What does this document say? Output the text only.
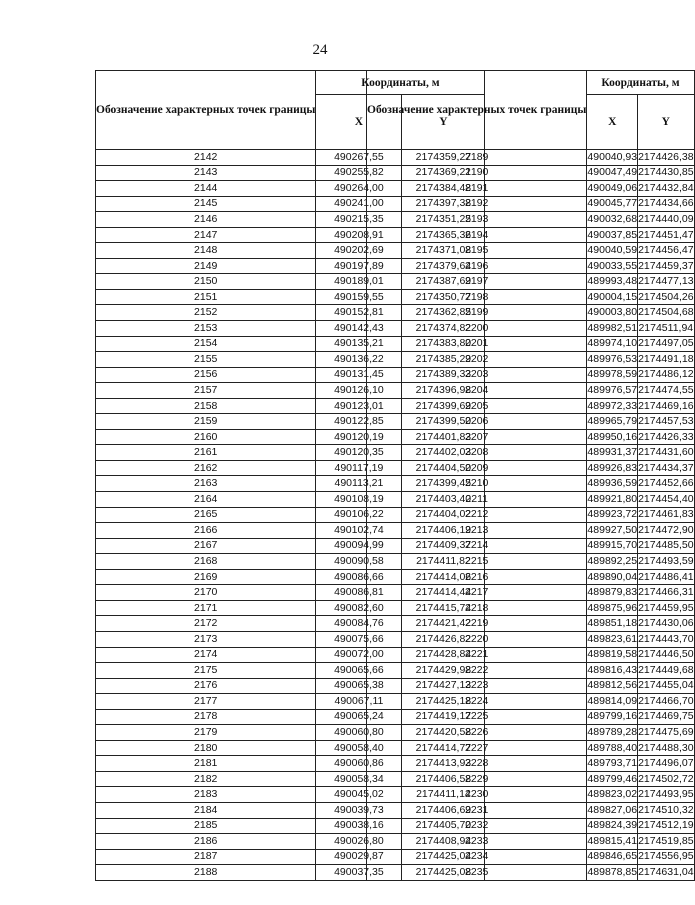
24
Обозначение характерных точек границы	Координаты, м	
	X	Y
2142	490267,55	2174359,27
2143	490255,82	2174369,21
2144	490264,00	2174384,48
2145	490241,00	2174397,38
2146	490215,35	2174351,25
2147	490208,91	2174365,36
2148	490202,69	2174371,08
2149	490197,89	2174379,64
2150	490189,01	2174387,69
2151	490159,55	2174350,77
2152	490152,81	2174362,85
2153	490142,43	2174374,82
2154	490135,21	2174383,80
2155	490136,22	2174385,29
2156	490131,45	2174389,33
2157	490126,10	2174396,98
2158	490123,01	2174399,69
2159	490122,85	2174399,50
2160	490120,19	2174401,83
2161	490120,35	2174402,03
2162	490117,19	2174404,50
2163	490113,21	2174399,45
2164	490108,19	2174403,40
2165	490106,22	2174404,02
2166	490102,74	2174406,19
2167	490094,99	2174409,37
2168	490090,58	2174411,82
2169	490086,66	2174414,06
2170	490086,81	2174414,44
2171	490082,60	2174415,74
2172	490084,76	2174421,42
2173	490075,66	2174426,82
2174	490072,00	2174428,84
2175	490065,66	2174429,98
2176	490065,38	2174427,13
2177	490067,11	2174425,18
2178	490065,24	2174419,17
2179	490060,80	2174420,58
2180	490058,40	2174414,77
2181	490060,86	2174413,93
2182	490058,34	2174406,58
2183	490045,02	2174411,14
2184	490039,73	2174406,69
2185	490038,16	2174405,70
2186	490026,80	2174408,94
2187	490029,87	2174425,04
2188	490037,35	2174425,08
Обозначение характерных точек границы	Координаты, м	
	X	Y
2189	490040,93	2174426,38
2190	490047,49	2174430,85
2191	490049,06	2174432,84
2192	490045,77	2174434,66
2193	490032,68	2174440,09
2194	490037,85	2174451,47
2195	490040,59	2174456,47
2196	490033,55	2174459,37
2197	489993,48	2174477,13
2198	490004,15	2174504,26
2199	490003,80	2174504,68
2200	489982,51	2174511,94
2201	489974,10	2174497,05
2202	489976,53	2174491,18
2203	489978,59	2174486,12
2204	489976,57	2174474,55
2205	489972,33	2174469,16
2206	489965,79	2174457,53
2207	489950,16	2174426,33
2208	489931,37	2174431,60
2209	489926,83	2174434,37
2210	489936,59	2174452,66
2211	489921,80	2174454,40
2212	489923,72	2174461,83
2213	489927,50	2174472,90
2214	489915,70	2174485,50
2215	489892,25	2174493,59
2216	489890,04	2174486,41
2217	489879,83	2174466,31
2218	489875,96	2174459,95
2219	489851,18	2174430,06
2220	489823,61	2174443,70
2221	489819,58	2174446,50
2222	489816,43	2174449,68
2223	489812,56	2174455,04
2224	489814,09	2174466,70
2225	489799,16	2174469,75
2226	489789,28	2174475,69
2227	489788,40	2174488,30
2228	489793,71	2174496,07
2229	489799,46	2174502,72
2230	489823,02	2174493,95
2231	489827,06	2174510,32
2232	489824,39	2174512,19
2233	489815,41	2174519,85
2234	489846,65	2174556,95
2235	489878,85	2174631,04
